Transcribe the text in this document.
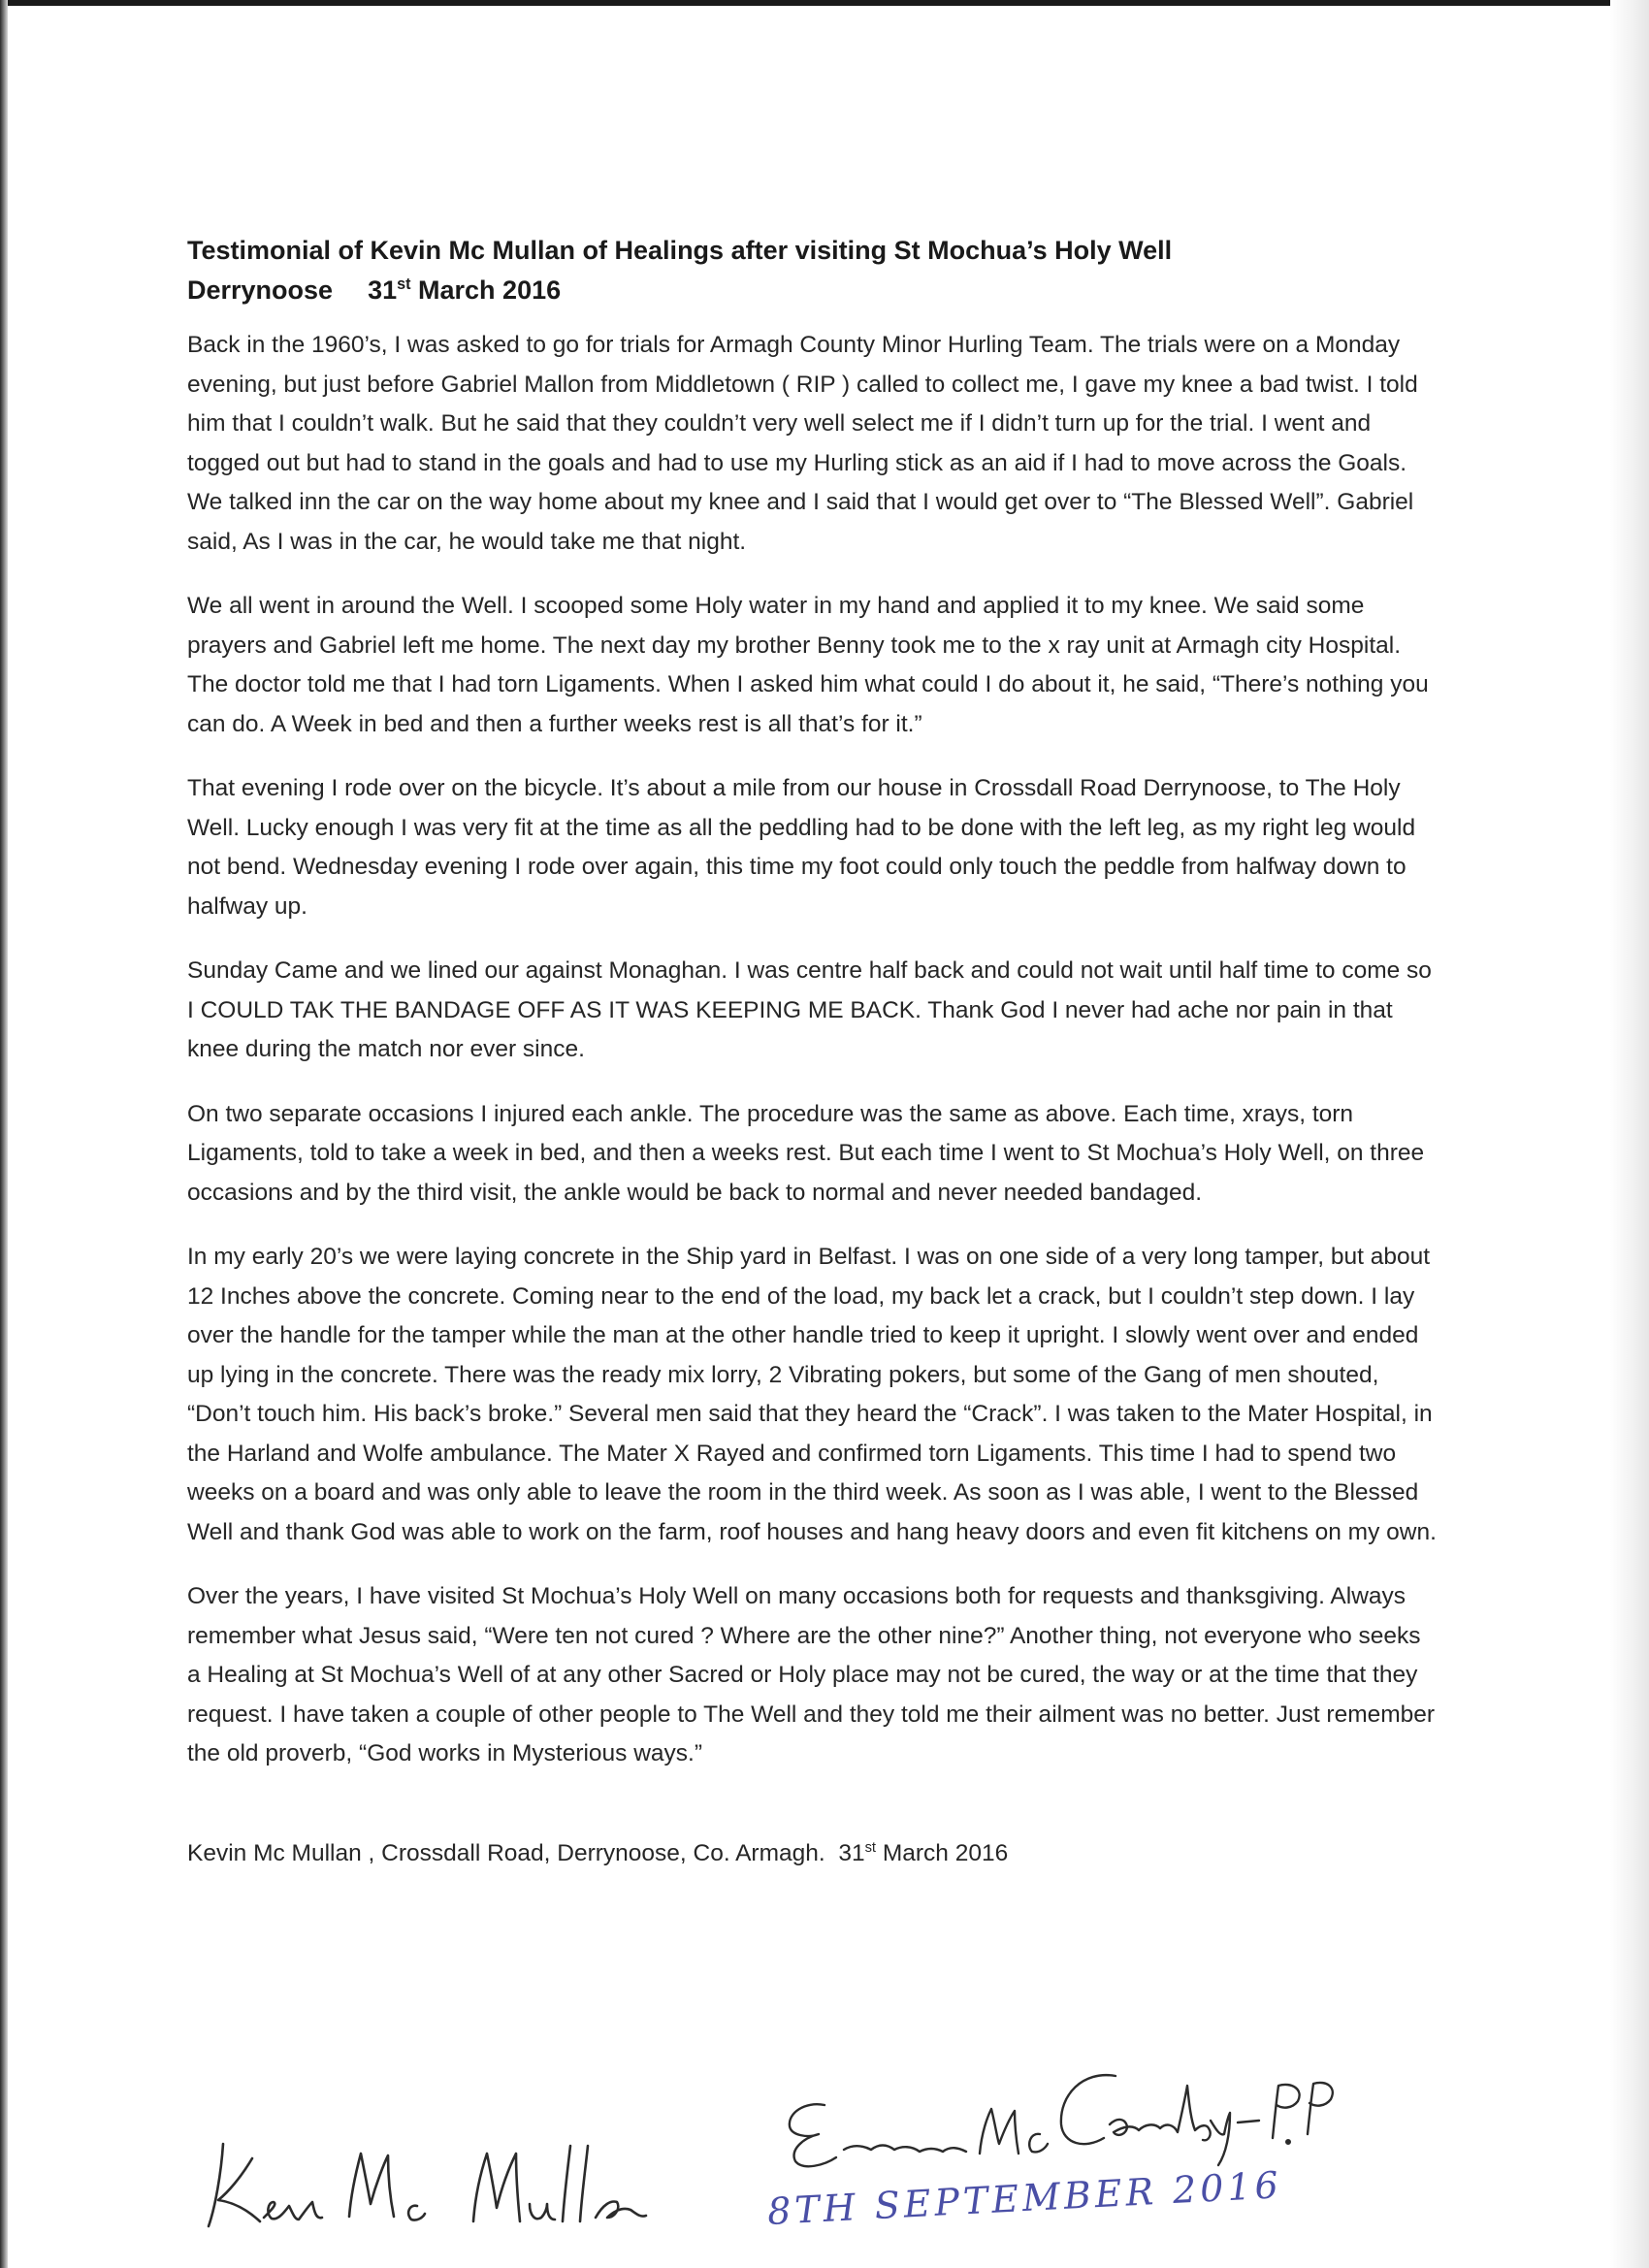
Testimonial of Kevin Mc Mullan of Healings after visiting St Mochua’s Holy Well
Derrynoose 31st March 2016

Back in the 1960’s, I was asked to go for trials for Armagh County Minor Hurling Team. The trials were on a Monday evening, but just before Gabriel Mallon from Middletown ( RIP ) called to collect me, I gave my knee a bad twist. I told him that I couldn’t walk. But he said that they couldn’t very well select me if I didn’t turn up for the trial. I went and togged out but had to stand in the goals and had to use my Hurling stick as an aid if I had to move across the Goals. We talked inn the car on the way home about my knee and I said that I would get over to “The Blessed Well”. Gabriel said, As I was in the car, he would take me that night.

We all went in around the Well. I scooped some Holy water in my hand and applied it to my knee. We said some prayers and Gabriel left me home. The next day my brother Benny took me to the x ray unit at Armagh city Hospital. The doctor told me that I had torn Ligaments. When I asked him what could I do about it, he said, “There’s nothing you can do. A Week in bed and then a further weeks rest is all that’s for it.”

That evening I rode over on the bicycle. It’s about a mile from our house in Crossdall Road Derrynoose, to The Holy Well. Lucky enough I was very fit at the time as all the peddling had to be done with the left leg, as my right leg would not bend. Wednesday evening I rode over again, this time my foot could only touch the peddle from halfway down to halfway up.

Sunday Came and we lined our against Monaghan. I was centre half back and could not wait until half time to come so I COULD TAK THE BANDAGE OFF AS IT WAS KEEPING ME BACK. Thank God I never had ache nor pain in that knee during the match nor ever since.

On two separate occasions I injured each ankle. The procedure was the same as above. Each time, xrays, torn Ligaments, told to take a week in bed, and then a weeks rest. But each time I went to St Mochua’s Holy Well, on three occasions and by the third visit, the ankle would be back to normal and never needed bandaged.

In my early 20’s we were laying concrete in the Ship yard in Belfast. I was on one side of a very long tamper, but about 12 Inches above the concrete. Coming near to the end of the load, my back let a crack, but I couldn’t step down. I lay over the handle for the tamper while the man at the other handle tried to keep it upright. I slowly went over and ended up lying in the concrete. There was the ready mix lorry, 2 Vibrating pokers, but some of the Gang of men shouted, “Don’t touch him. His back’s broke.” Several men said that they heard the “Crack”. I was taken to the Mater Hospital, in the Harland and Wolfe ambulance. The Mater X Rayed and confirmed torn Ligaments. This time I had to spend two weeks on a board and was only able to leave the room in the third week. As soon as I was able, I went to the Blessed Well and thank God was able to work on the farm, roof houses and hang heavy doors and even fit kitchens on my own.

Over the years, I have visited St Mochua’s Holy Well on many occasions both for requests and thanksgiving. Always remember what Jesus said, “Were ten not cured ? Where are the other nine?” Another thing, not everyone who seeks a Healing at St Mochua’s Well of at any other Sacred or Holy place may not be cured, the way or at the time that they request. I have taken a couple of other people to The Well and they told me their ailment was no better. Just remember the old proverb, “God works in Mysterious ways.”

Kevin Mc Mullan , Crossdall Road, Derrynoose, Co. Armagh. 31st March 2016

8TH SEPTEMBER 2016
